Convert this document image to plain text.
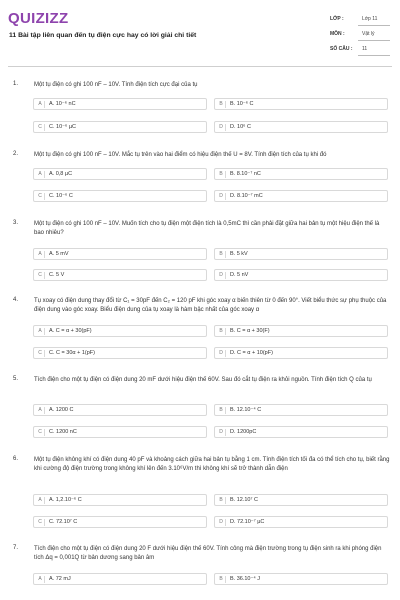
QUIZIZZ
11 Bài tập liên quan đến tụ điện cực hay có lời giải chi tiết
LỚP :	Lớp 11
MÔN :	Vật lý
SỐ CÂU : 11
1.	Một tụ điện có ghi 100 nF – 10V. Tính điện tích cực đại của tụ
A	A. 10⁻⁶ nC	B	B. 10⁻⁶ C
C	C. 10⁻⁶ µC	D	D. 10⁶ C
2.	Một tụ điện có ghi 100 nF – 10V. Mắc tụ trên vào hai điểm có hiệu điện thế U = 8V. Tính điện tích của tụ khi đó
A	A. 0,8 µC	B	B. 8.10⁻⁷ nC
C	C. 10⁻⁶ C	D	D. 8.10⁻⁷ mC
3.	Một tụ điện có ghi 100 nF – 10V. Muốn tích cho tụ điện một điện tích là 0,5mC thì cần phải đặt giữa hai bản tụ một hiệu điện thế là bao nhiêu?
A	A. 5 mV	B	B. 5 kV
C	C. 5 V	D	D. 5 nV
4.	Tụ xoay có điện dung thay đổi từ C₁ = 30pF đến C₂ = 120 pF khi góc xoay α biến thiên từ 0 đến 90°. Viết biểu thức sự phụ thuộc của điện dung vào góc xoay. Biểu điện dung của tụ xoay là hàm bậc nhất của góc xoay α
A	A. C = α + 30(pF)	B	B. C = α + 30(F)
C	C. C = 30α + 1(pF)	D	D. C = α + 10(pF)
5.	Tích điện cho một tụ điện có điện dung 20 mF dưới hiệu điện thế 60V. Sau đó cắt tụ điện ra khỏi nguồn. Tính điện tích Q của tụ
A	A. 1200 C	B	B. 12.10⁻⁴ C
C	C. 1200 nC	D	D. 1200pC
6.	Một tụ điện không khí có điện dung 40 pF và khoảng cách giữa hai bản tụ bằng 1 cm. Tính điện tích tối đa có thể tích cho tụ, biết rằng khi cường độ điện trường trong không khí lên đến 3.10⁶V/m thì không khí sẽ trở thành dẫn điện
A	A. 1,2.10⁻⁶ C	B	B. 12.10⁷ C
C	C. 72.10⁷ C	D	D. 72.10⁻⁷ µC
7.	Tích điện cho một tụ điện có điện dung 20 F dưới hiệu điện thế 60V. Tính công mà điện trường trong tụ điện sinh ra khi phóng điện tích Δq = 0,001Q từ bản dương sang bản âm
A	A. 72 mJ	B	B. 36.10⁻⁴ J
